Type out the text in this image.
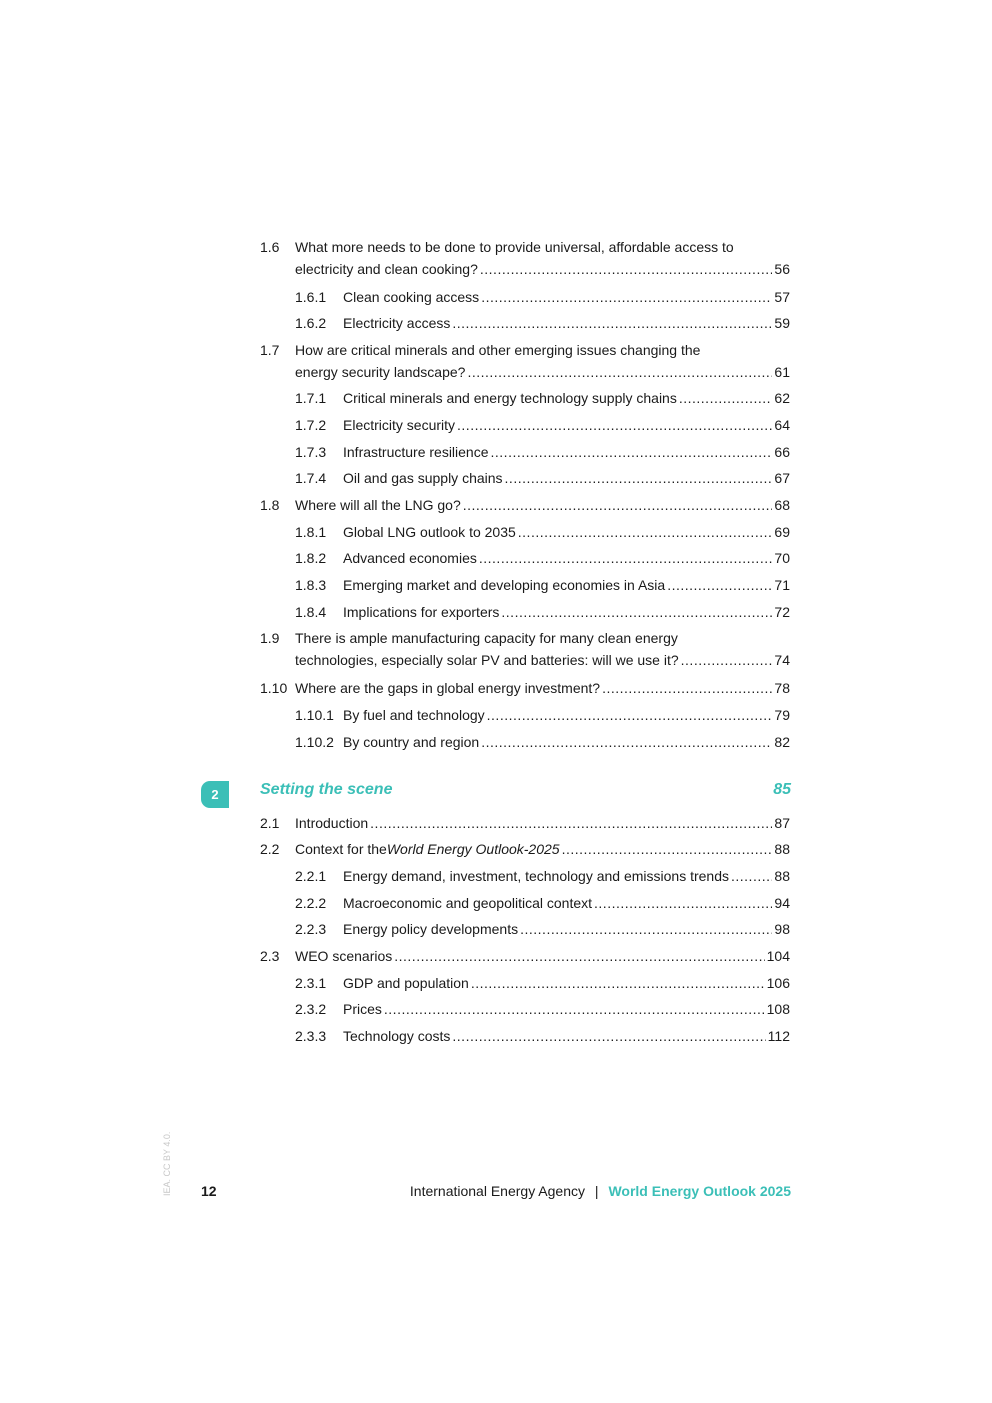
1.6	What more needs to be done to provide universal, affordable access to
electricity and clean cooking? .....	56
1.6.1	Clean cooking access .....	57
1.6.2	Electricity access .....	59
1.7	How are critical minerals and other emerging issues changing the
energy security landscape? .....	61
1.7.1	Critical minerals and energy technology supply chains .....	62
1.7.2	Electricity security .....	64
1.7.3	Infrastructure resilience .....	66
1.7.4	Oil and gas supply chains .....	67
1.8	Where will all the LNG go? .....	68
1.8.1	Global LNG outlook to 2035 .....	69
1.8.2	Advanced economies .....	70
1.8.3	Emerging market and developing economies in Asia .....	71
1.8.4	Implications for exporters .....	72
1.9	There is ample manufacturing capacity for many clean energy
technologies, especially solar PV and batteries: will we use it? .....	74
1.10 Where are the gaps in global energy investment? .....	78
1.10.1 By fuel and technology .....	79
1.10.2 By country and region .....	82
2.1	Introduction .....	87
2.2	Context for the World Energy Outlook-2025 .....	88
2.2.1	Energy demand, investment, technology and emissions trends .....	88
2.2.2	Macroeconomic and geopolitical context .....	94
2.2.3	Energy policy developments .....	98
2.3	WEO scenarios .....	104
2.3.1	GDP and population .....	106
2.3.2	Prices .....	108
2.3.3	Technology costs .....	112
2	Setting the scene	85
IEA. CC BY 4.0. 12	International Energy Agency | World Energy Outlook 2025
